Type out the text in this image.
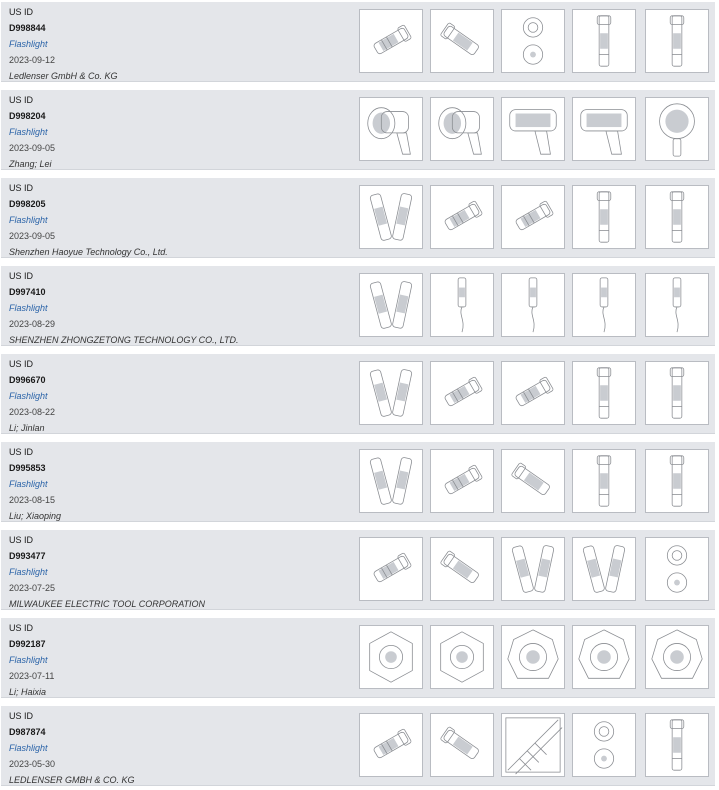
US ID
D998844
Flashlight
2023-09-12
Ledlenser GmbH & Co. KG
US ID
D998204
Flashlight
2023-09-05
Zhang; Lei
US ID
D998205
Flashlight
2023-09-05
Shenzhen Haoyue Technology Co., Ltd.
US ID
D997410
Flashlight
2023-08-29
SHENZHEN ZHONGZETONG TECHNOLOGY CO., LTD.
US ID
D996670
Flashlight
2023-08-22
Li; Jinlan
US ID
D995853
Flashlight
2023-08-15
Liu; Xiaoping
US ID
D993477
Flashlight
2023-07-25
MILWAUKEE ELECTRIC TOOL CORPORATION
US ID
D992187
Flashlight
2023-07-11
Li; Haixia
US ID
D987874
Flashlight
2023-05-30
LEDLENSER GMBH & CO. KG
